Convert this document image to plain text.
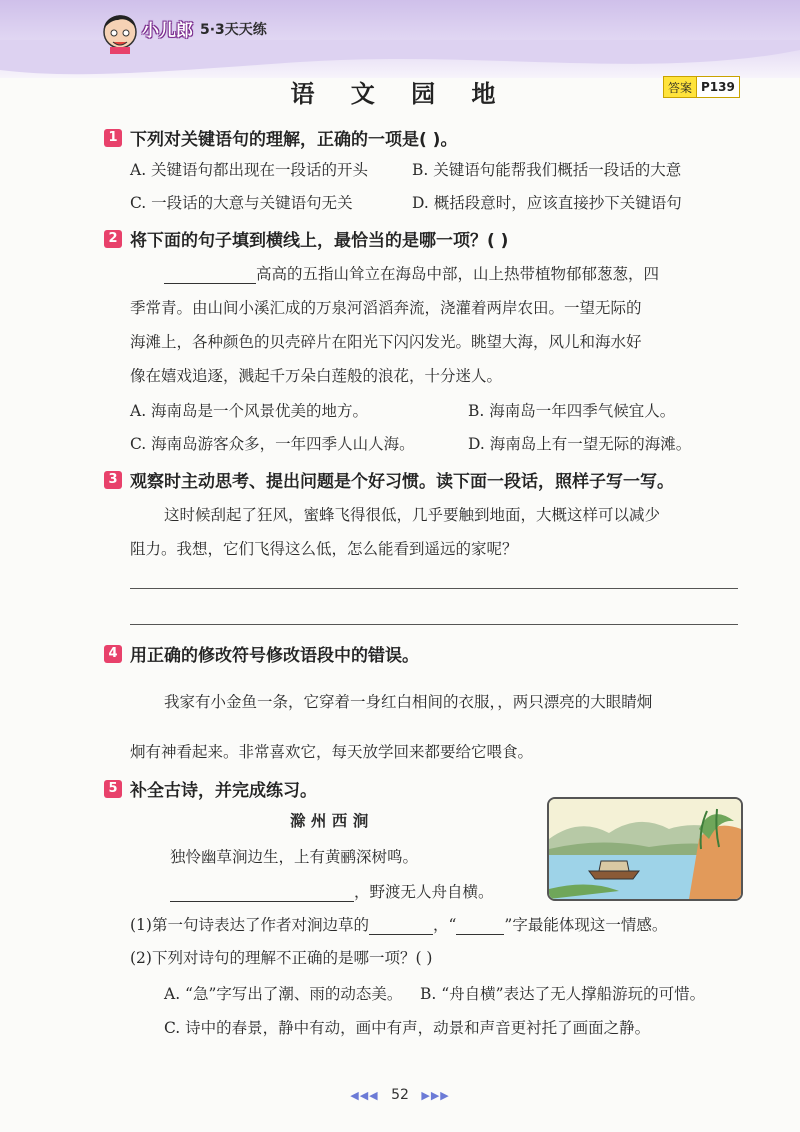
小儿郎 5·3天天练
语 文 园 地	答案 P139
1 下列对关键语句的理解，正确的一项是( )。
A. 关键语句都出现在一段话的开头	B. 关键语句能帮我们概括一段话的大意
C. 一段话的大意与关键语句无关	D. 概括段意时，应该直接抄下关键语句
2 将下面的句子填到横线上，最恰当的是哪一项？( )
高高的五指山耸立在海岛中部，山上热带植物郁郁葱葱，四
季常青。由山间小溪汇成的万泉河滔滔奔流，浇灌着两岸农田。一望无际的
海滩上，各种颜色的贝壳碎片在阳光下闪闪发光。眺望大海，风儿和海水好
像在嬉戏追逐，溅起千万朵白莲般的浪花，十分迷人。
A. 海南岛是一个风景优美的地方。	B. 海南岛一年四季气候宜人。
C. 海南岛游客众多，一年四季人山人海。	D. 海南岛上有一望无际的海滩。
3 观察时主动思考、提出问题是个好习惯。读下面一段话，照样子写一写。
这时候刮起了狂风，蜜蜂飞得很低，几乎要触到地面，大概这样可以减少
阻力。我想，它们飞得这么低，怎么能看到遥远的家呢？
4 用正确的修改符号修改语段中的错误。
我家有小金鱼一条，它穿着一身红白相间的衣服，，两只漂亮的大眼睛炯
炯有神看起来。非常喜欢它，每天放学回来都要给它喂食。
5 补全古诗，并完成练习。
滁 州 西 涧
独怜幽草涧边生，上有黄鹂深树鸣。
，野渡无人舟自横。
(1)第一句诗表达了作者对涧边草的	，“	”字最能体现这一情感。
(2)下列对诗句的理解不正确的是哪一项？( )
A. “急”字写出了潮、雨的动态美。 B. “舟自横”表达了无人撑船游玩的可惜。
C. 诗中的春景，静中有动，画中有声，动景和声音更衬托了画面之静。
◀◀◀ 52 ▶▶▶
